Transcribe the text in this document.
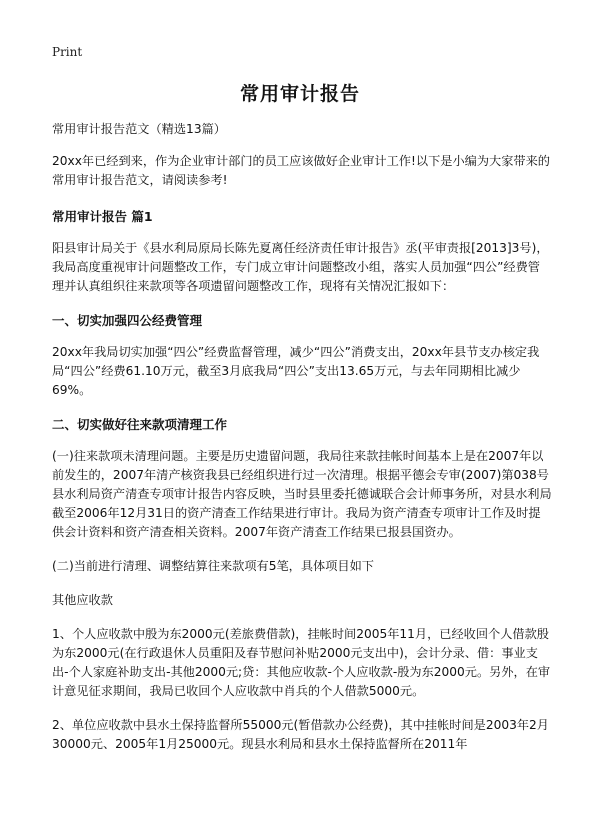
Print
常用审计报告

常用审计报告范文（精选13篇）

20xx年已经到来，作为企业审计部门的员工应该做好企业审计工作!以下是小编为大家带来的常用审计报告范文，请阅读参考!

常用审计报告 篇1

阳县审计局关于《县水利局原局长陈先夏离任经济责任审计报告》丞(平审责报[2013]3号)，我局高度重视审计问题整改工作，专门成立审计问题整改小组，落实人员加强“四公”经费管理并认真组织往来款项等各项遗留问题整改工作，现将有关情况汇报如下：

一、切实加强四公经费管理

20xx年我局切实加强“四公”经费监督管理，减少“四公”消费支出，20xx年县节支办核定我局“四公”经费61.10万元，截至3月底我局“四公”支出13.65万元，与去年同期相比减少69%。

二、切实做好往来款项清理工作

(一)往来款项未清理问题。主要是历史遗留问题，我局往来款挂帐时间基本上是在2007年以前发生的，2007年清产核资我县已经组织进行过一次清理。根据平德会专审(2007)第038号县水利局资产清查专项审计报告内容反映，当时县里委托德诚联合会计师事务所，对县水利局截至2006年12月31日的资产清查工作结果进行审计。我局为资产清查专项审计工作及时提供会计资料和资产清查相关资料。2007年资产清查工作结果已报县国资办。

(二)当前进行清理、调整结算往来款项有5笔，具体项目如下

其他应收款

1、个人应收款中殷为东2000元(差旅费借款)，挂帐时间2005年11月，已经收回个人借款殷为东2000元(在行政退休人员重阳及春节慰问补贴2000元支出中)，会计分录、借：事业支出-个人家庭补助支出-其他2000元;贷：其他应收款-个人应收款-殷为东2000元。另外，在审计意见征求期间，我局已收回个人应收款中肖兵的个人借款5000元。

2、单位应收款中县水土保持监督所55000元(暂借款办公经费)，其中挂帐时间是2003年2月30000元、2005年1月25000元。现县水利局和县水土保持监督所在2011年
